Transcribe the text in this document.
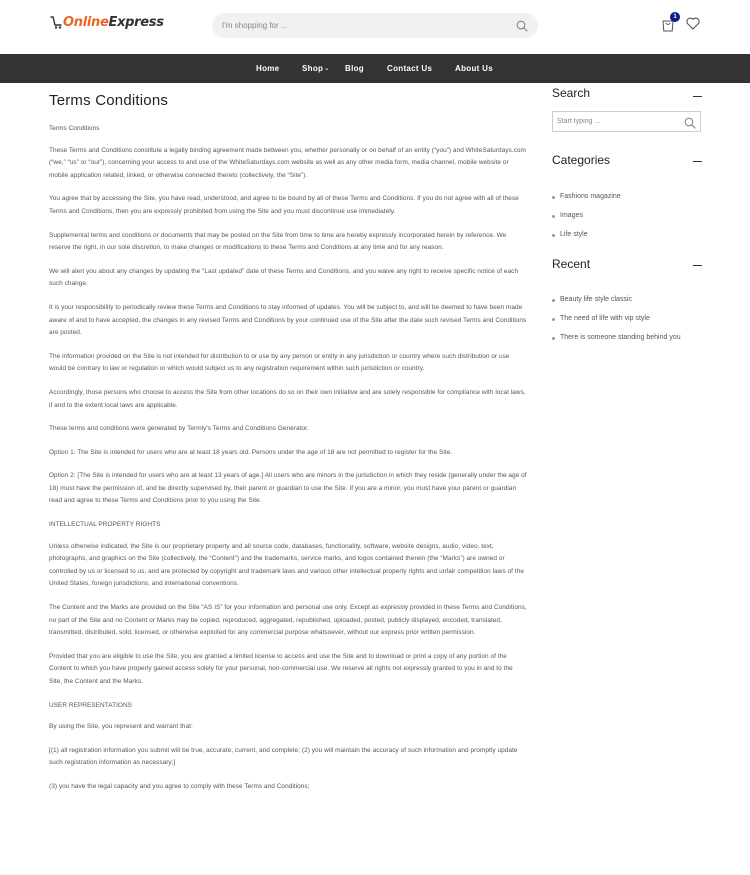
OnlineExpress
I'm shopping for ...	1
Home	Shop⌄ Blog	Contact Us	About Us
Terms Conditions

Terms Conditions

These Terms and Conditions constitute a legally binding agreement made between you, whether personally or on behalf of an entity (“you”) and WhiteSaturdays.com (“we,” “us” or “our”), concerning your access to and use of the WhiteSaturdays.com website as well as any other media form, media channel, mobile website or mobile application related, linked, or otherwise connected thereto (collectively, the “Site”).

You agree that by accessing the Site, you have read, understood, and agree to be bound by all of these Terms and Conditions. If you do not agree with all of these Terms and Conditions, then you are expressly prohibited from using the Site and you must discontinue use immediately.

Supplemental terms and conditions or documents that may be posted on the Site from time to time are hereby expressly incorporated herein by reference. We reserve the right, in our sole discretion, to make changes or modifications to these Terms and Conditions at any time and for any reason.

We will alert you about any changes by updating the “Last updated” date of these Terms and Conditions, and you waive any right to receive specific notice of each such change.

It is your responsibility to periodically review these Terms and Conditions to stay informed of updates. You will be subject to, and will be deemed to have been made aware of and to have accepted, the changes in any revised Terms and Conditions by your continued use of the Site after the date such revised Terms and Conditions are posted.

The information provided on the Site is not intended for distribution to or use by any person or entity in any jurisdiction or country where such distribution or use would be contrary to law or regulation or which would subject us to any registration requirement within such jurisdiction or country.

Accordingly, those persons who choose to access the Site from other locations do so on their own initiative and are solely responsible for compliance with local laws, if and to the extent local laws are applicable.

These terms and conditions were generated by Termly’s Terms and Conditions Generator.

Option 1: The Site is intended for users who are at least 18 years old. Persons under the age of 18 are not permitted to register for the Site.

Option 2: [The Site is intended for users who are at least 13 years of age.] All users who are minors in the jurisdiction in which they reside (generally under the age of 18) must have the permission of, and be directly supervised by, their parent or guardian to use the Site. If you are a minor, you must have your parent or guardian read and agree to these Terms and Conditions prior to you using the Site.

INTELLECTUAL PROPERTY RIGHTS

Unless otherwise indicated, the Site is our proprietary property and all source code, databases, functionality, software, website designs, audio, video, text, photographs, and graphics on the Site (collectively, the “Content”) and the trademarks, service marks, and logos contained therein (the “Marks”) are owned or controlled by us or licensed to us, and are protected by copyright and trademark laws and various other intellectual property rights and unfair competition laws of the United States, foreign jurisdictions, and international conventions.

The Content and the Marks are provided on the Site “AS IS” for your information and personal use only. Except as expressly provided in these Terms and Conditions, no part of the Site and no Content or Marks may be copied, reproduced, aggregated, republished, uploaded, posted, publicly displayed, encoded, translated, transmitted, distributed, sold, licensed, or otherwise exploited for any commercial purpose whatsoever, without our express prior written permission.

Provided that you are eligible to use the Site, you are granted a limited license to access and use the Site and to download or print a copy of any portion of the Content to which you have properly gained access solely for your personal, non-commercial use. We reserve all rights not expressly granted to you in and to the Site, the Content and the Marks.

USER REPRESENTATIONS

By using the Site, you represent and warrant that:

[(1) all registration information you submit will be true, accurate, current, and complete; (2) you will maintain the accuracy of such information and promptly update such registration information as necessary;]

(3) you have the legal capacity and you agree to comply with these Terms and Conditions;

Search
Start typing ...
Categories
Fashions magazine
Images
Life style
Recent
Beauty life style classic
The need of life with vip style
There is someone standing behind you
